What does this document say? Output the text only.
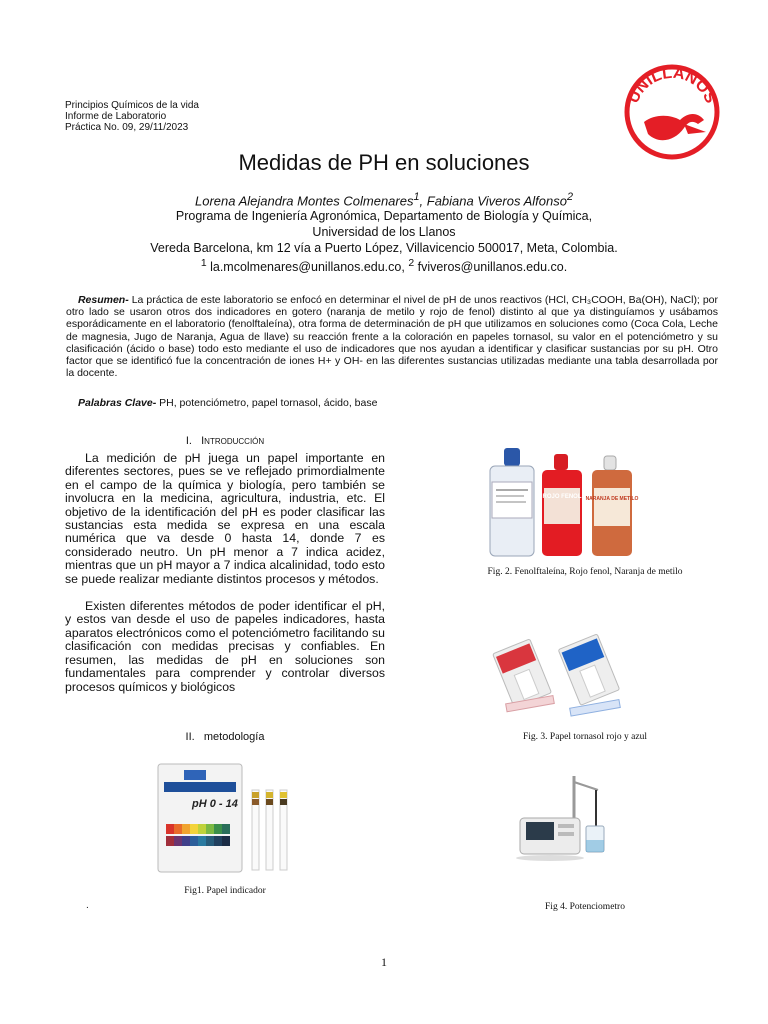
Principios Químicos de la vida
Informe de Laboratorio
Práctica No. 09, 29/11/2023
UNILLANOS
Medidas de PH en soluciones
Lorena Alejandra Montes Colmenares$^1$, Fabiana Viveros Alfonso$^2$
Programa de Ingeniería Agronómica, Departamento de Biología y Química,
Universidad de los Llanos
Vereda Barcelona, km 12 vía a Puerto López, Villavicencio 500017, Meta, Colombia.
$^1$ la.mcolmenares@unillanos.edu.co, $^2$ fviveros@unillanos.edu.co.
Resumen- La práctica de este laboratorio se enfocó en determinar el nivel de pH de unos reactivos (HCl, CH₃COOH, Ba(OH), NaCl); por otro lado se usaron otros dos indicadores en gotero (naranja de metilo y rojo de fenol) distinto al que ya distinguíamos y usábamos esporádicamente en el laboratorio (fenolftaleína), otra forma de determinación de pH que utilizamos en soluciones como (Coca Cola, Leche de magnesia, Jugo de Naranja, Agua de llave) su reacción frente a la coloración en papeles tornasol, su valor en el potenciómetro y su clasificación (ácido o base) todo esto mediante el uso de indicadores que nos ayudan a identificar y clasificar sustancias por su pH. Otro factor que se identificó fue la concentración de iones H+ y OH- en las diferentes sustancias utilizadas mediante una tabla desarrollada por la docente.
Palabras Clave- PH, potenciómetro, papel tornasol, ácido, base
I. Introducción

La medición de pH juega un papel importante en diferentes sectores, pues se ve reflejado primordialmente en el campo de la química y biología, pero también se involucra en la medicina, agricultura, industria, etc. El objetivo de la identificación del pH es poder clasificar las sustancias esta medida se expresa en una escala numérica que va desde 0 hasta 14, donde 7 es considerado neutro. Un pH menor a 7 indica acidez, mientras que un pH mayor a 7 indica alcalinidad, todo esto se puede realizar mediante distintos procesos y métodos.

Existen diferentes métodos de poder identificar el pH, y estos van desde el uso de papeles indicadores, hasta aparatos electrónicos como el potenciómetro facilitando su clasificación con medidas precisas y confiables. En resumen, las medidas de pH en soluciones son fundamentales para comprender y controlar diversos procesos químicos y biológicos

II. metodología
pH 0 - 14
Fig1. Papel indicador
.
ROJO FENOL NARANJA DE METILO
Fig. 2. Fenolftaleína, Rojo fenol, Naranja de metilo
Fig. 3. Papel tornasol rojo y azul
Fig 4. Potenciometro
1
